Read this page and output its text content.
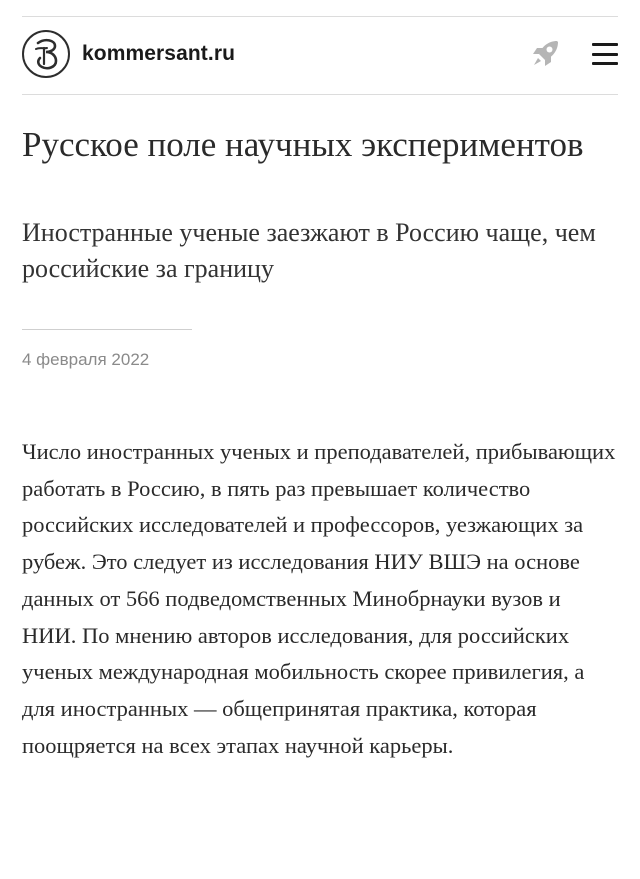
kommersant.ru
Русское поле научных экспериментов
Иностранные ученые заезжают в Россию чаще, чем российские за границу
4 февраля 2022

Число иностранных ученых и преподавателей, прибывающих работать в Россию, в пять раз превышает количество российских исследователей и профессоров, уезжающих за рубеж. Это следует из исследования НИУ ВШЭ на основе данных от 566 подведомственных Минобрнауки вузов и НИИ. По мнению авторов исследования, для российских ученых международная мобильность скорее привилегия, а для иностранных — общепринятая практика, которая поощряется на всех этапах научной карьеры.
